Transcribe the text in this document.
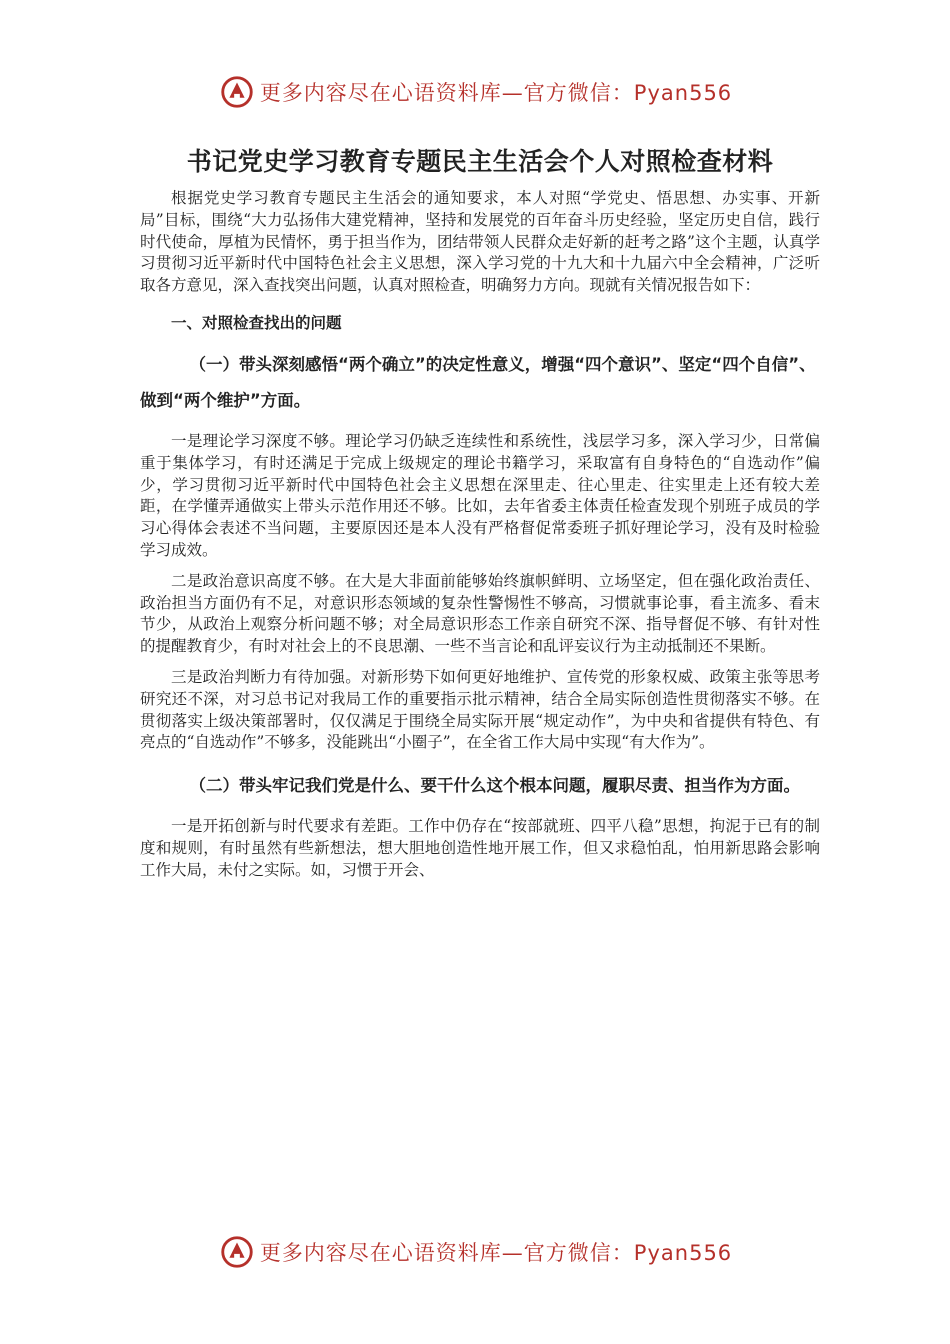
更多内容尽在心语资料库—官方微信：Pyan556
书记党史学习教育专题民主生活会个人对照检查材料

根据党史学习教育专题民主生活会的通知要求，本人对照“学党史、悟思想、办实事、开新局”目标，围绕“大力弘扬伟大建党精神，坚持和发展党的百年奋斗历史经验，坚定历史自信，践行时代使命，厚植为民情怀，勇于担当作为，团结带领人民群众走好新的赶考之路”这个主题，认真学习贯彻习近平新时代中国特色社会主义思想，深入学习党的十九大和十九届六中全会精神，广泛听取各方意见，深入查找突出问题，认真对照检查，明确努力方向。现就有关情况报告如下：

一、对照检查找出的问题
（一）带头深刻感悟“两个确立”的决定性意义，增强“四个意识”、坚定“四个自信”、做到“两个维护”方面。

一是理论学习深度不够。理论学习仍缺乏连续性和系统性，浅层学习多，深入学习少，日常偏重于集体学习，有时还满足于完成上级规定的理论书籍学习，采取富有自身特色的“自选动作”偏少，学习贯彻习近平新时代中国特色社会主义思想在深里走、往心里走、往实里走上还有较大差距，在学懂弄通做实上带头示范作用还不够。比如，去年省委主体责任检查发现个别班子成员的学习心得体会表述不当问题，主要原因还是本人没有严格督促常委班子抓好理论学习，没有及时检验学习成效。

二是政治意识高度不够。在大是大非面前能够始终旗帜鲜明、立场坚定，但在强化政治责任、政治担当方面仍有不足，对意识形态领域的复杂性警惕性不够高，习惯就事论事，看主流多、看末节少，从政治上观察分析问题不够；对全局意识形态工作亲自研究不深、指导督促不够、有针对性的提醒教育少，有时对社会上的不良思潮、一些不当言论和乱评妄议行为主动抵制还不果断。

三是政治判断力有待加强。对新形势下如何更好地维护、宣传党的形象权威、政策主张等思考研究还不深，对习总书记对我局工作的重要指示批示精神，结合全局实际创造性贯彻落实不够。在贯彻落实上级决策部署时，仅仅满足于围绕全局实际开展“规定动作”，为中央和省提供有特色、有亮点的“自选动作”不够多，没能跳出“小圈子”，在全省工作大局中实现“有大作为”。

（二）带头牢记我们党是什么、要干什么这个根本问题，履职尽责、担当作为方面。

一是开拓创新与时代要求有差距。工作中仍存在“按部就班、四平八稳”思想，拘泥于已有的制度和规则，有时虽然有些新想法，想大胆地创造性地开展工作，但又求稳怕乱，怕用新思路会影响工作大局，未付之实际。如，习惯于开会、

更多内容尽在心语资料库—官方微信：Pyan556
